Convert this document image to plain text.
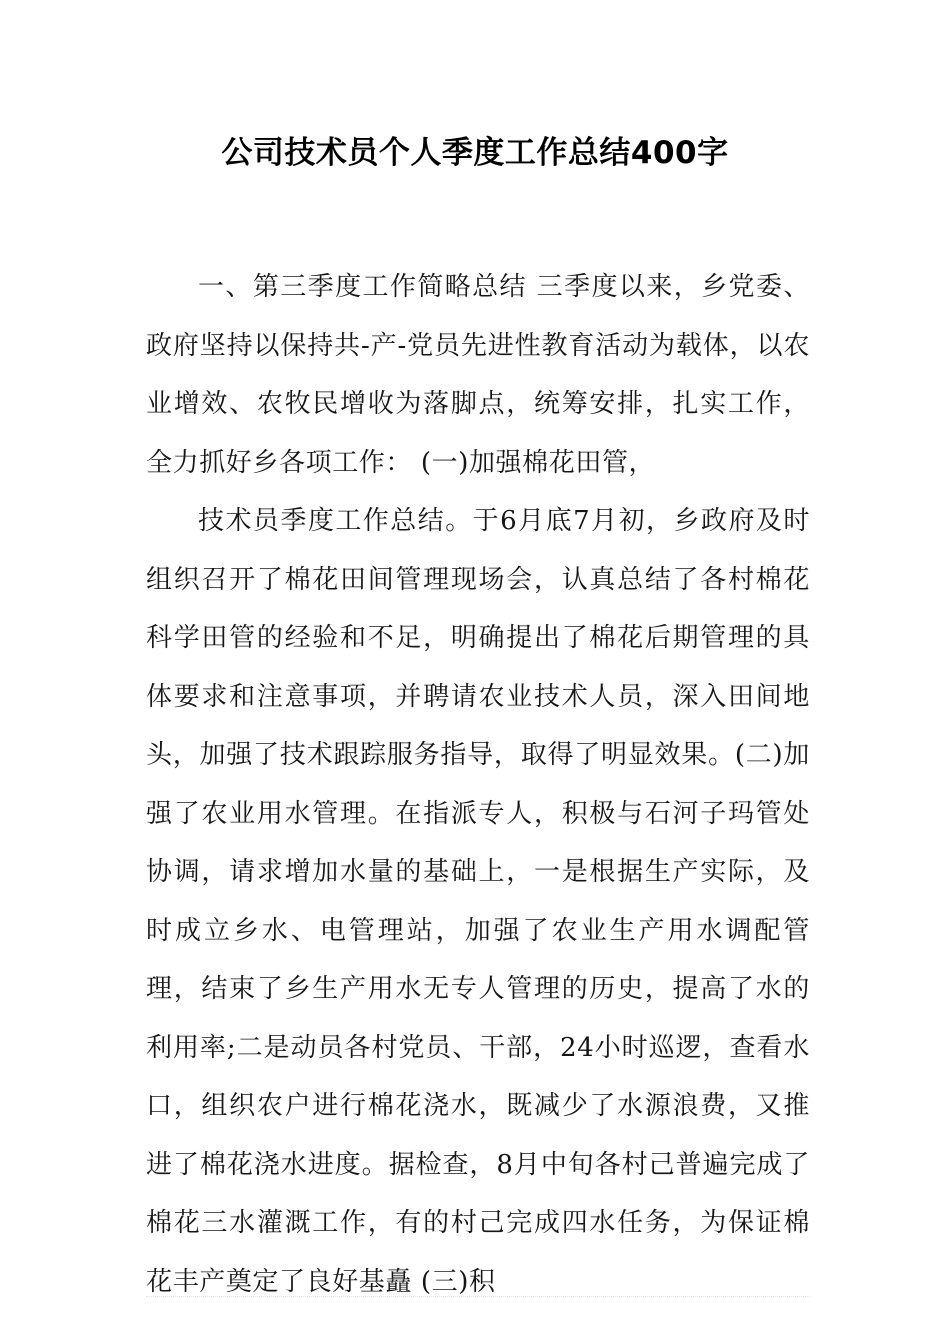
公司技术员个人季度工作总结400字

一、第三季度工作简略总结 三季度以来，乡党委、政府坚持以保持共-产-党员先进性教育活动为载体，以农业增效、农牧民增收为落脚点，统筹安排，扎实工作，全力抓好乡各项工作： (一)加强棉花田管，

技术员季度工作总结。于6月底7月初，乡政府及时组织召开了棉花田间管理现场会，认真总结了各村棉花科学田管的经验和不足，明确提出了棉花后期管理的具体要求和注意事项，并聘请农业技术人员，深入田间地头，加强了技术跟踪服务指导，取得了明显效果。(二)加强了农业用水管理。在指派专人，积极与石河子玛管处协调，请求增加水量的基础上，一是根据生产实际，及时成立乡水、电管理站，加强了农业生产用水调配管理，结束了乡生产用水无专人管理的历史，提高了水的利用率;二是动员各村党员、干部，24小时巡逻，查看水口，组织农户进行棉花浇水，既减少了水源浪费，又推进了棉花浇水进度。据检查，8月中旬各村己普遍完成了棉花三水灌溉工作，有的村己完成四水任务，为保证棉花丰产奠定了良好基矗 (三)积
